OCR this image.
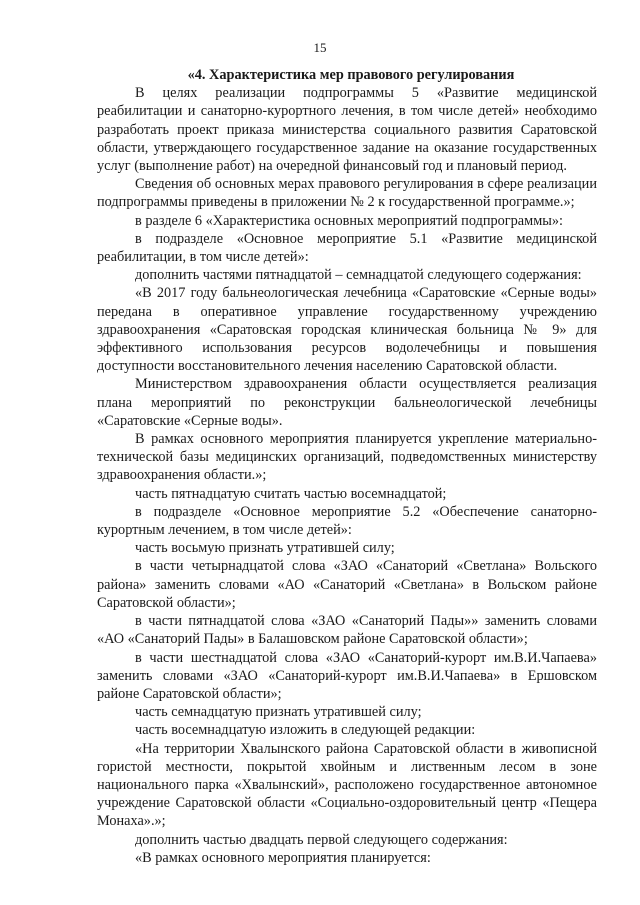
15

«4. Характеристика мер правового регулирования

В целях реализации подпрограммы 5 «Развитие медицинской реабилитации и санаторно-курортного лечения, в том числе детей» необходимо разработать проект приказа министерства социального развития Саратовской области, утверждающего государственное задание на оказание государственных услуг (выполнение работ) на очередной финансовый год и плановый период.

Сведения об основных мерах правового регулирования в сфере реализации подпрограммы приведены в приложении № 2 к государственной программе.»;

в разделе 6 «Характеристика основных мероприятий подпрограммы»:

в подразделе «Основное мероприятие 5.1 «Развитие медицинской реабилитации, в том числе детей»:

дополнить частями пятнадцатой – семнадцатой следующего содержания:

«В 2017 году бальнеологическая лечебница «Саратовские «Серные воды» передана в оперативное управление государственному учреждению здравоохранения «Саратовская городская клиническая больница № 9» для эффективного использования ресурсов водолечебницы и повышения доступности восстановительного лечения населению Саратовской области.

Министерством здравоохранения области осуществляется реализация плана мероприятий по реконструкции бальнеологической лечебницы «Саратовские «Серные воды».

В рамках основного мероприятия планируется укрепление материально-технической базы медицинских организаций, подведомственных министерству здравоохранения области.»;

часть пятнадцатую считать частью восемнадцатой;

в подразделе «Основное мероприятие 5.2 «Обеспечение санаторно-курортным лечением, в том числе детей»:

часть восьмую признать утратившей силу;

в части четырнадцатой слова «ЗАО «Санаторий «Светлана» Вольского района» заменить словами «АО «Санаторий «Светлана» в Вольском районе Саратовской области»;

в части пятнадцатой слова «ЗАО «Санаторий Пады»» заменить словами «АО «Санаторий Пады» в Балашовском районе Саратовской области»;

в части шестнадцатой слова «ЗАО «Санаторий-курорт им.В.И.Чапаева» заменить словами «ЗАО «Санаторий-курорт им.В.И.Чапаева» в Ершовском районе Саратовской области»;

часть семнадцатую признать утратившей силу;

часть восемнадцатую изложить в следующей редакции:

«На территории Хвалынского района Саратовской области в живописной гористой местности, покрытой хвойным и лиственным лесом в зоне национального парка «Хвалынский», расположено государственное автономное учреждение Саратовской области «Социально-оздоровительный центр «Пещера Монаха».»;

дополнить частью двадцать первой следующего содержания:

«В рамках основного мероприятия планируется:
